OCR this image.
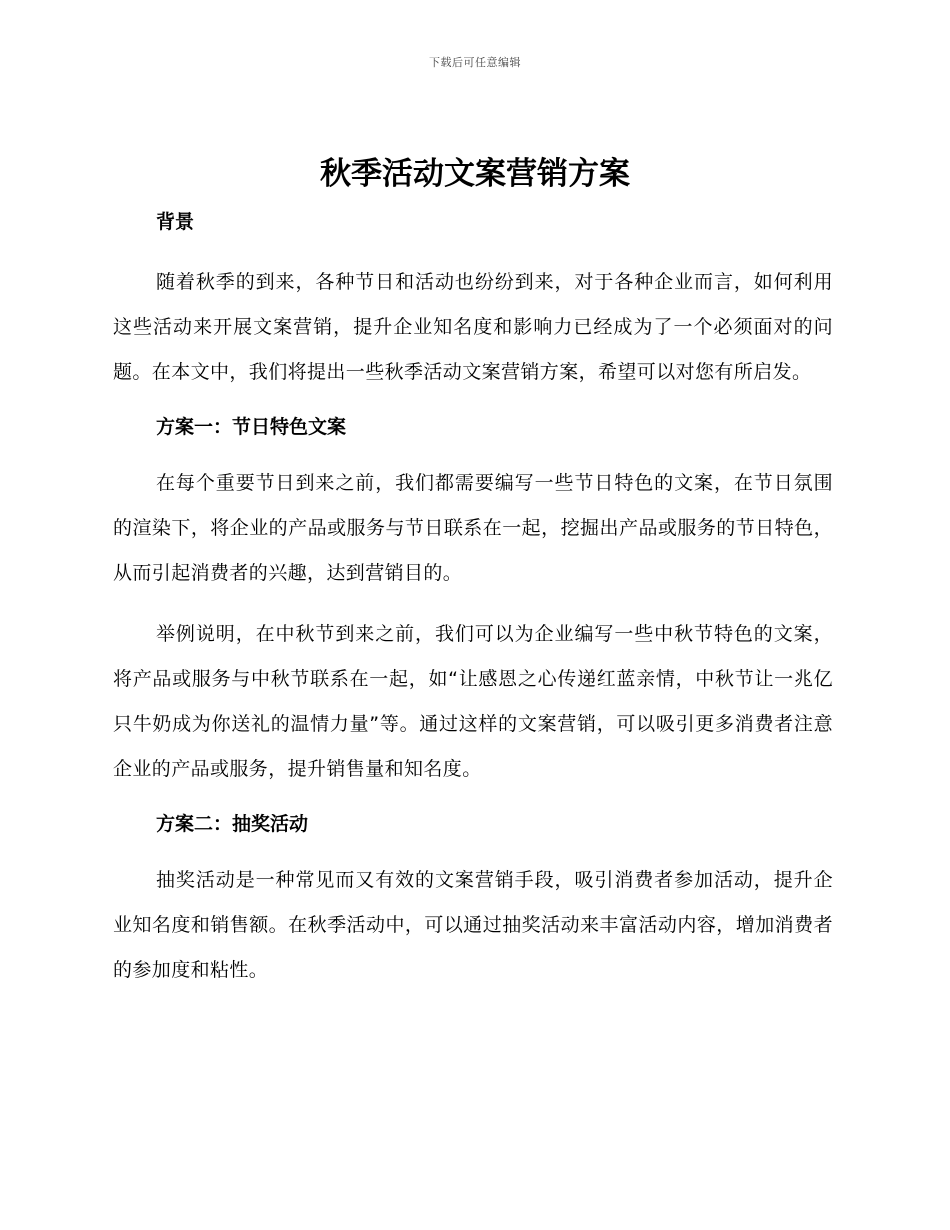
下载后可任意编辑
秋季活动文案营销方案
背景

随着秋季的到来，各种节日和活动也纷纷到来，对于各种企业而言，如何利用这些活动来开展文案营销，提升企业知名度和影响力已经成为了一个必须面对的问题。在本文中，我们将提出一些秋季活动文案营销方案，希望可以对您有所启发。

方案一：节日特色文案

在每个重要节日到来之前，我们都需要编写一些节日特色的文案，在节日氛围的渲染下，将企业的产品或服务与节日联系在一起，挖掘出产品或服务的节日特色，从而引起消费者的兴趣，达到营销目的。

举例说明，在中秋节到来之前，我们可以为企业编写一些中秋节特色的文案，将产品或服务与中秋节联系在一起，如“让感恩之心传递红蓝亲情，中秋节让一兆亿只牛奶成为你送礼的温情力量”等。通过这样的文案营销，可以吸引更多消费者注意企业的产品或服务，提升销售量和知名度。

方案二：抽奖活动

抽奖活动是一种常见而又有效的文案营销手段，吸引消费者参加活动，提升企业知名度和销售额。在秋季活动中，可以通过抽奖活动来丰富活动内容，增加消费者的参加度和粘性。
